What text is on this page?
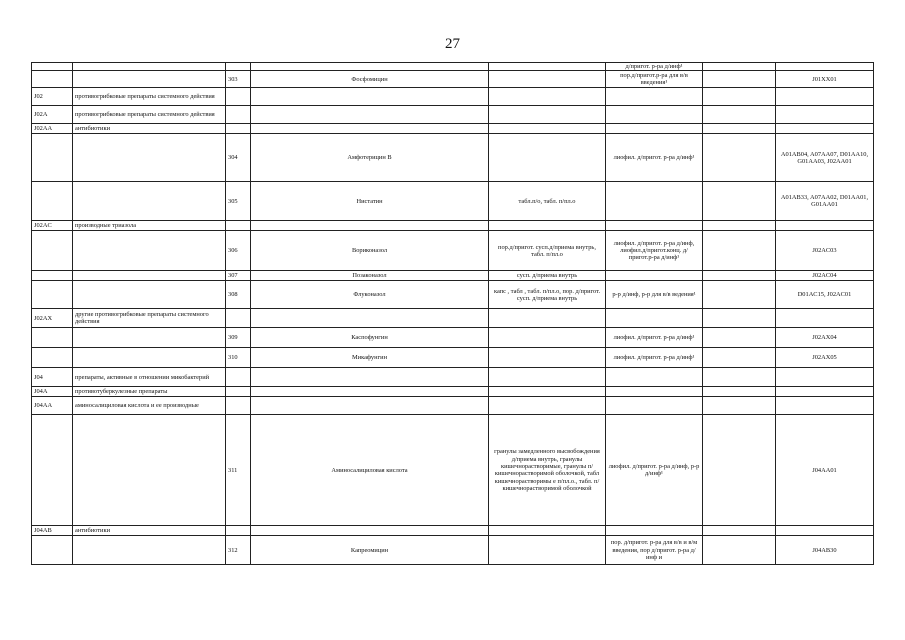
27
					д/пригот. р-ра д/инф¹		
		303	Фосфомицин		пор.д/пригот.р-ра для в/в введения¹		J01XX01
J02	противогрибковые препараты системного действия						
J02A	противогрибковые препараты системного действия						
J02AA	антибиотики						
		304	Амфотерицин В		лиофил. д/пригот. р-ра д/инф¹		A01AB04, A07AA07, D01AA10, G01AA03, J02AA01
		305	Нистатин	табл.п/о, табл. п/пл.о			A01AB33, A07AA02, D01AA01, G01AA01
J02AC	производные триазола						
		306	Вориконазол	пор.д/пригот. сусп.д/приема внутрь, табл. п/пл.о	лиофил. д/пригот. р-ра д/инф, лиофил.д/пригот.конц. д/пригот.р-ра д/инф¹		J02AC03
		307	Позаконазол	сусп. д/приема внутрь			J02AC04
		308	Флуконазол	капс , табл , табл. п/пл.о, пор. д/пригот. сусп. д/приема внутрь	р-р д/инф, р-р для в/в ведения¹		D01AC15, J02AC01
J02AX	другие противогрибковые препараты системного действия						
		309	Каспофунгин		лиофил. д/пригот. р-ра д/инф¹		J02AX04
		310	Микафунгин		лиофил. д/пригот. р-ра д/инф¹		J02AX05
J04	препараты, активные в отношении микобактерий						
J04A	противотуберкулезные препараты						
J04AA	аминосалициловая кислота и ее производные						
		311	Аминосалициловая кислота	гранулы замедленного высвобождения д/приема внутрь, гранулы кишечнорастворимые, гранулы п/кишечнорастворимой оболочкой, табл кишечнорастворимы е п/пл.о., табл. п/кишечнорастворимой оболочкой	лиофил. д/пригот. р-ра д/инф, р-р д/инф¹		J04AA01
J04AB	антибиотики						
		312	Капреомицин		пор. д/пригот. р-ра для в/в и в/м введения, пор д/пригот. р-ра д/инф и		J04AB30
